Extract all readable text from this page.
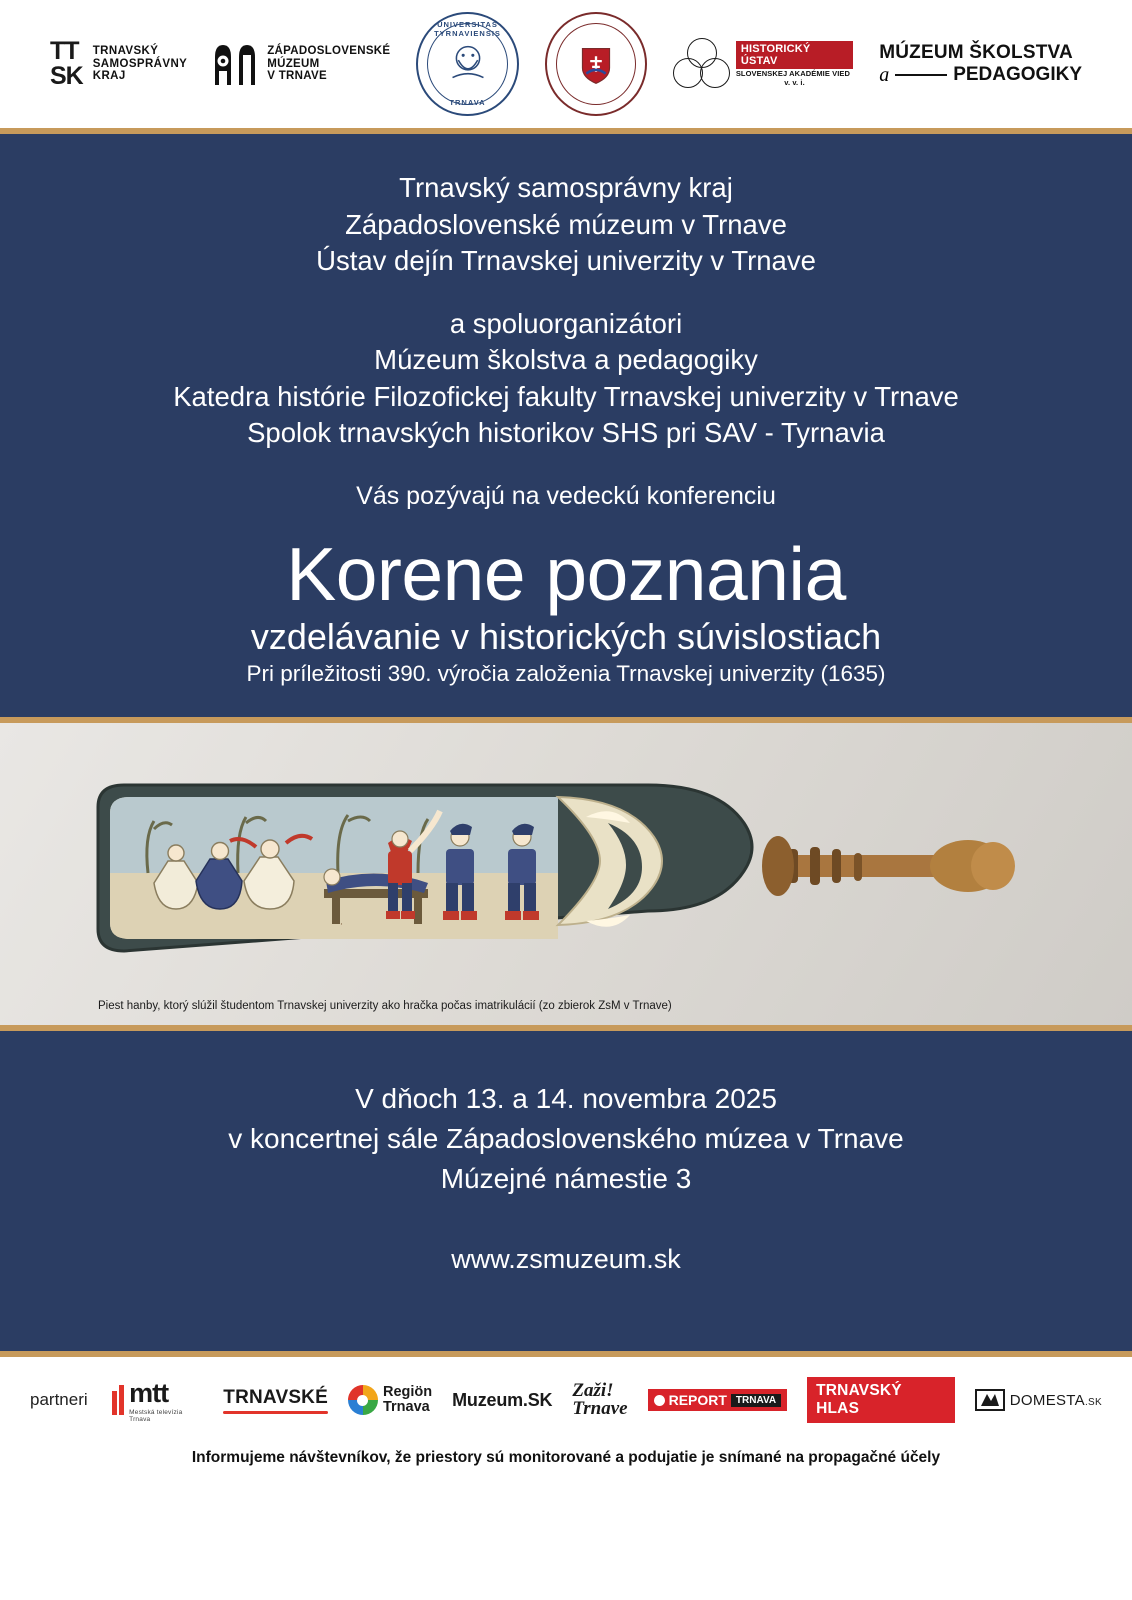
TT
SK
TRNAVSKÝ
SAMOSPRÁVNY
KRAJ
ZÁPADOSLOVENSKÉ
MÚZEUM
V TRNAVE
UNIVERSITAS TYRNAVIENSIS
TRNAVA
HISTORICKÝ ÚSTAV
SLOVENSKEJ AKADÉMIE VIED
v. v. i.
MÚZEUM ŠKOLSTVA
a	PEDAGOGIKY
Trnavský samosprávny kraj
Západoslovenské múzeum v Trnave
Ústav dejín Trnavskej univerzity v Trnave
a spoluorganizátori
Múzeum školstva a pedagogiky
Katedra histórie Filozofickej fakulty Trnavskej univerzity v Trnave
Spolok trnavských historikov SHS pri SAV - Tyrnavia
Vás pozývajú na vedeckú konferenciu
Korene poznania
vzdelávanie v historických súvislostiach
Pri príležitosti 390. výročia založenia Trnavskej univerzity (1635)
·
Piest hanby, ktorý slúžil študentom Trnavskej univerzity ako hračka počas imatrikulácií (zo zbierok ZsM v Trnave)
V dňoch 13. a 14. novembra 2025
v koncertnej sále Západoslovenského múzea v Trnave
Múzejné námestie 3
www.zsmuzeum.sk
partneri mtt
Mestská televízia Trnava
TRNAVSKÉ	Regiön
Trnava Muzeum.SK Zaži!
Trnave	REPORT TRNAVA
TRNAVSKÝ HLAS	DOMESTA.SK
Informujeme návštevníkov, že priestory sú monitorované a podujatie je snímané na propagačné účely
